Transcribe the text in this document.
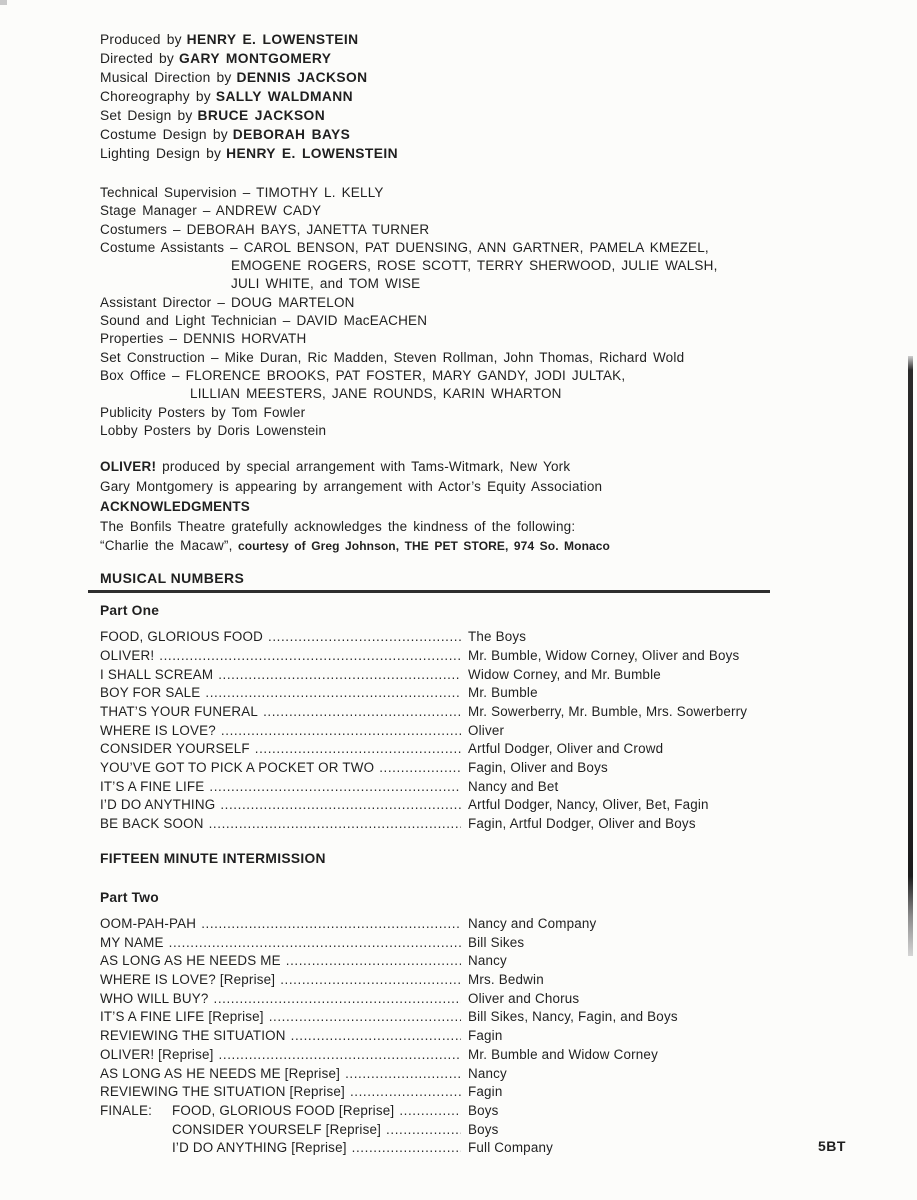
Produced by HENRY E. LOWENSTEIN
Directed by GARY MONTGOMERY
Musical Direction by DENNIS JACKSON
Choreography by SALLY WALDMANN
Set Design by BRUCE JACKSON
Costume Design by DEBORAH BAYS
Lighting Design by HENRY E. LOWENSTEIN
Technical Supervision – TIMOTHY L. KELLY
Stage Manager – ANDREW CADY
Costumers – DEBORAH BAYS, JANETTA TURNER
Costume Assistants – CAROL BENSON, PAT DUENSING, ANN GARTNER, PAMELA KMEZEL,
EMOGENE ROGERS, ROSE SCOTT, TERRY SHERWOOD, JULIE WALSH,
JULI WHITE, and TOM WISE
Assistant Director – DOUG MARTELON
Sound and Light Technician – DAVID MacEACHEN
Properties – DENNIS HORVATH
Set Construction – Mike Duran, Ric Madden, Steven Rollman, John Thomas, Richard Wold
Box Office – FLORENCE BROOKS, PAT FOSTER, MARY GANDY, JODI JULTAK,
LILLIAN MEESTERS, JANE ROUNDS, KARIN WHARTON
Publicity Posters by Tom Fowler
Lobby Posters by Doris Lowenstein
OLIVER! produced by special arrangement with Tams-Witmark, New York
Gary Montgomery is appearing by arrangement with Actor’s Equity Association
ACKNOWLEDGMENTS
The Bonfils Theatre gratefully acknowledges the kindness of the following:
“Charlie the Macaw”, courtesy of Greg Johnson, THE PET STORE, 974 So. Monaco
MUSICAL NUMBERS
Part One
FOOD, GLORIOUS FOOD .....	The Boys
OLIVER! .....	Mr. Bumble, Widow Corney, Oliver and Boys
I SHALL SCREAM .....	Widow Corney, and Mr. Bumble
BOY FOR SALE .....	Mr. Bumble
THAT’S YOUR FUNERAL .....	Mr. Sowerberry, Mr. Bumble, Mrs. Sowerberry
WHERE IS LOVE? .....	Oliver
CONSIDER YOURSELF .....	Artful Dodger, Oliver and Crowd
YOU’VE GOT TO PICK A POCKET OR TWO .....	Fagin, Oliver and Boys
IT’S A FINE LIFE .....	Nancy and Bet
I’D DO ANYTHING .....	Artful Dodger, Nancy, Oliver, Bet, Fagin
BE BACK SOON .....	Fagin, Artful Dodger, Oliver and Boys
FIFTEEN MINUTE INTERMISSION
Part Two
OOM-PAH-PAH .....	Nancy and Company
MY NAME .....	Bill Sikes
AS LONG AS HE NEEDS ME .....	Nancy
WHERE IS LOVE? [Reprise] .....	Mrs. Bedwin
WHO WILL BUY? .....	Oliver and Chorus
IT’S A FINE LIFE [Reprise] .....	Bill Sikes, Nancy, Fagin, and Boys
REVIEWING THE SITUATION .....	Fagin
OLIVER! [Reprise] .....	Mr. Bumble and Widow Corney
AS LONG AS HE NEEDS ME [Reprise] .....	Nancy
REVIEWING THE SITUATION [Reprise] .....	Fagin
FINALE: FOOD, GLORIOUS FOOD [Reprise] .....	Boys
CONSIDER YOURSELF [Reprise] .....	Boys
I’D DO ANYTHING [Reprise] .....	Full Company	5BT
